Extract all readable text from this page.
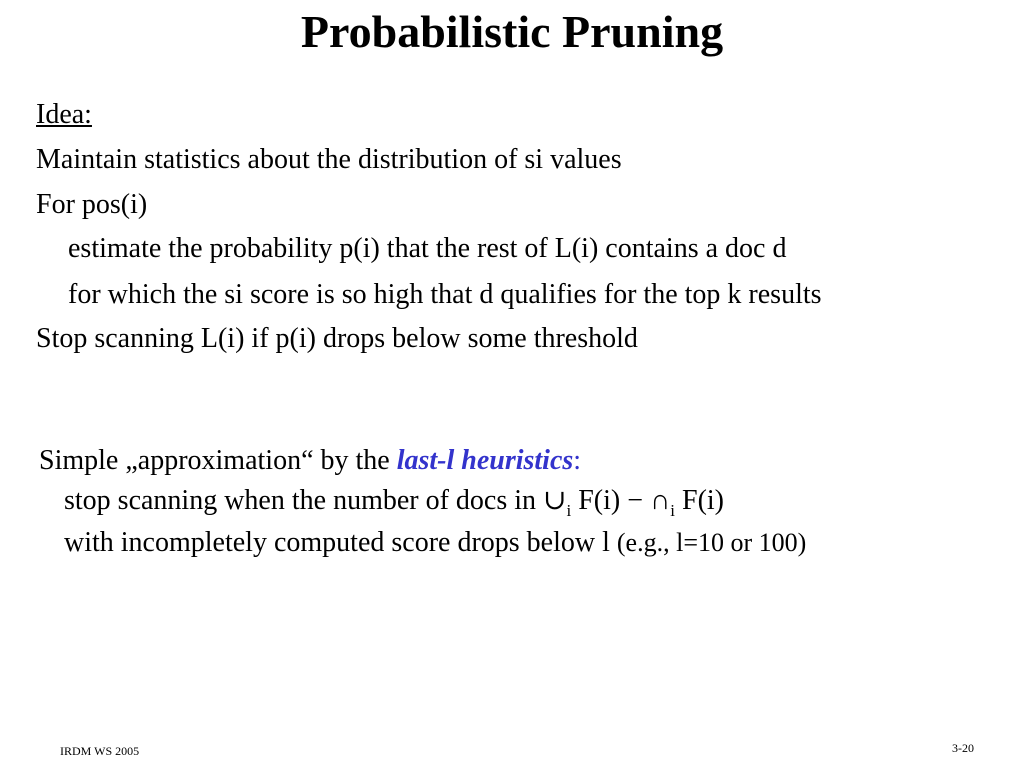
Probabilistic Pruning
Idea:
Maintain statistics about the distribution of si values
For pos(i)
estimate the probability p(i) that the rest of L(i) contains a doc d
for which the si score is so high that d qualifies for the top k results
Stop scanning L(i) if p(i) drops below some threshold
Simple „approximation“ by the last-l heuristics:
stop scanning when the number of docs in $\cup_i$ $F(i) - \cap_i$ F(i)
with incompletely computed score drops below l (e.g., l=10 or 100)
IRDM WS 2005	3-20
